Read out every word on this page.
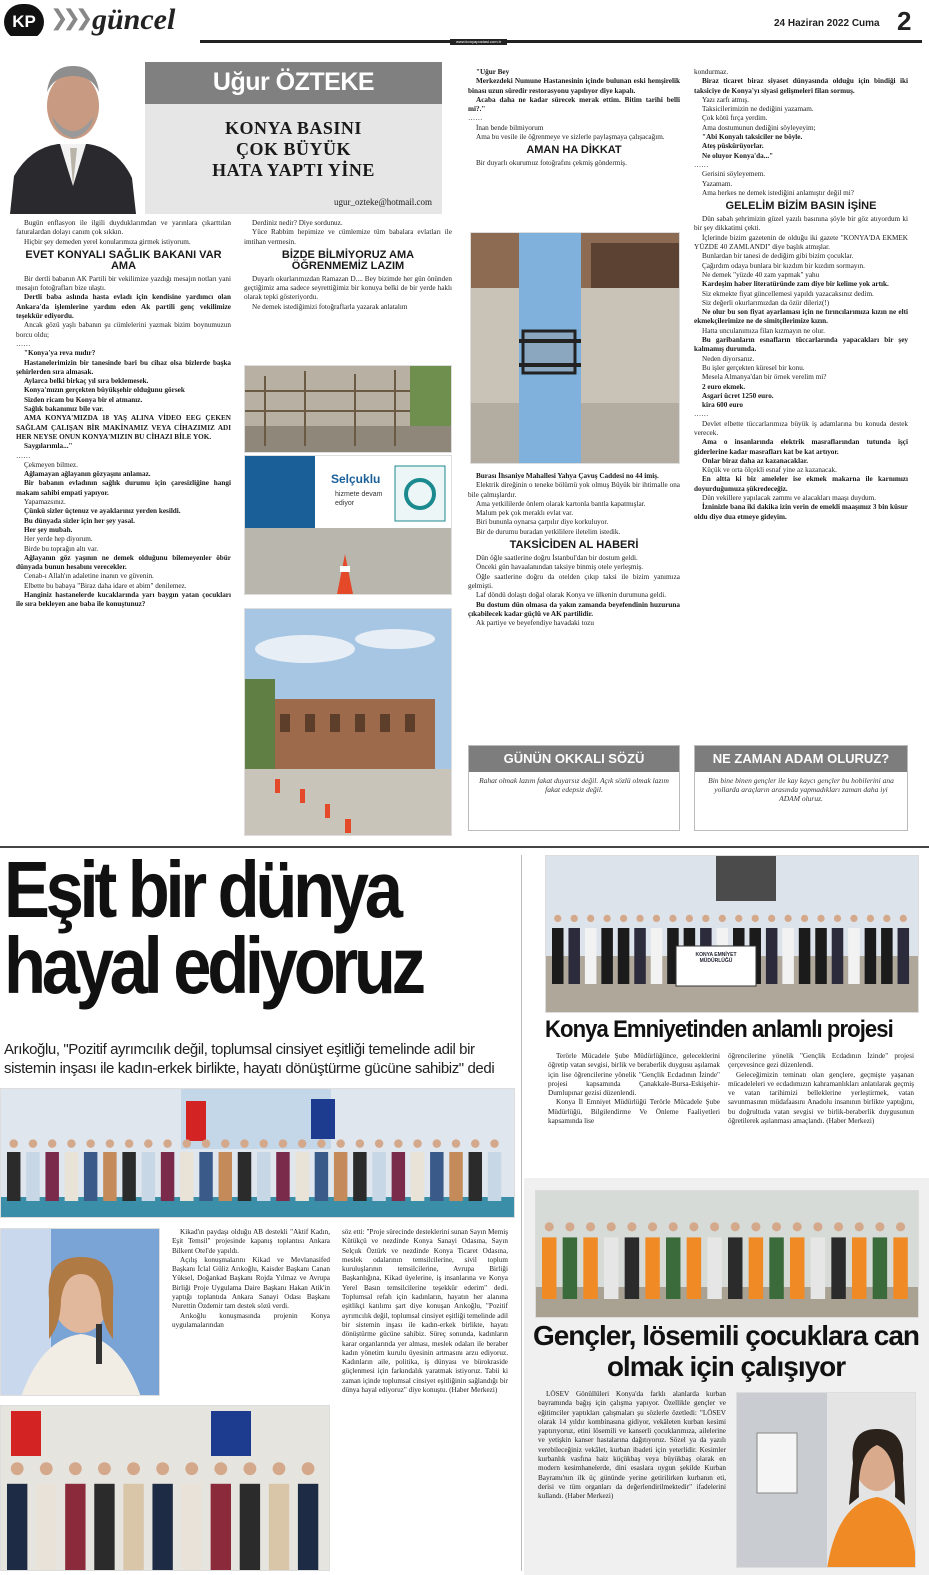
KP ❯❯❯ güncel	24 Haziran 2022 Cuma 2
www.konyapostasi.com.tr
Uğur ÖZTEKE
KONYA BASINI
ÇOK BÜYÜK
HATA YAPTI YİNE
ugur_ozteke@hotmail.com

Bugün enflasyon ile ilgili duyduklarımdan ve yarınlara çıkarttılan faturalardan dolayı canım çok sıkkın.

Hiçbir şey demeden yerel konularımıza girmek istiyorum.

EVET KONYALI SAĞLIK BAKANI VAR AMA

Bir dertli babanın AK Partili bir vekilimize yazdığı mesajın notları yani mesajın fotoğrafları bize ulaştı.

Dertli baba aslında hasta evladı için kendisine yardımcı olan Ankara'da işlemlerine yardım eden Ak partili genç vekilimize teşekkür ediyordu.

Ancak gözü yaşlı babanın şu cümlelerini yazmak bizim boynumuzun borcu oldu;

……

"Konya'ya reva mıdır?

Hastanelerimizin bir tanesinde bari bu cihaz olsa bizlerde başka şehirlerden sıra almasak.

Aylarca belki birkaç yıl sıra beklemesek.

Konya'mızın gerçekten büyükşehir olduğunu görsek

Sizden ricam bu Konya bir el atmanız.

Sağlık bakanımız bile var.

AMA KONYA'MIZDA 18 YAŞ ALINA VİDEO EEG ÇEKEN SAĞLAM ÇALIŞAN BİR MAKİNAMIZ VEYA CİHAZIMIZ ADI HER NEYSE ONUN KONYA'MIZIN BU CİHAZI BİLE YOK.

Saygılarımla..."

……

Çekmeyen bilmez.

Ağlamayan ağlayanın gözyaşını anlamaz.

Bir babanın evladının sağlık durumu için çaresizliğine hangi makam sahibi empati yapıyor.

Yapamazsınız.

Çünkü sizler üçtenuz ve ayaklarınız yerden kesildi.

Bu dünyada sizler için her şey yasal.

Her şey mubah.

Her yerde hep diyorum.

Birde bu toprağın altı var.

Ağlayanın göz yaşının ne demek olduğunu bilemeyenler öbür dünyada bunun hesabını verecekler.

Cenab-ı Allah'ın adaletine inanın ve güvenin.

Elbette bu babaya "Biraz daha idare et abim" denilemez.

Hanginiz hastanelerde kucaklarında yarı baygın yatan çocukları ile sıra bekleyen ane baba ile konuştunuz?

Derdiniz nedir? Diye sordunuz.

Yüce Rabbim hepimize ve cümlemize tüm babalara evlatları ile imtihan vermesin.

BİZDE BİLMİYORUZ AMA ÖĞRENMEMİZ LAZIM

Duyarlı okurlarımızdan Ramazan D.... Bey bizimde her gün önünden geçtiğimiz ama sadece seyrettiğimiz bir konuya belki de bir yerde haklı olarak tepki gösteriyordu.

Ne demek istediğimizi fotoğraflarla yazarak anlatalım

Selçuklu
hizmete devam ediyor

"Uğur Bey

Merkezdeki Numune Hastanesinin içinde bulunan eski hemşirelik binası uzun süredir restorasyonu yapılıyor diye kapalı.

Acaba daha ne kadar sürecek merak ettim. Bitim tarihi belli mi?."

……

İnan bende bilmiyorum

Ama bu vesile ile öğrenmeye ve sizlerle paylaşmaya çalışacağım.

AMAN HA DİKKAT

Bir duyarlı okurumuz fotoğrafını çekmiş göndermiş.

Burası İhsaniye Mahallesi Yahya Çavuş Caddesi no 44 imiş.

Elektrik direğinin o teneke bölümü yok olmuş Büyük bir ihtimalle ona bile çalmışlardır.

Ama yetkililerde önlem olarak kartonla bantla kapatmışlar.

Malum pek çok meraklı evlat var.

Biri bununla oynarsa çarpılır diye korkuluyor.

Bir de durumu buradan yetkililere iletelim istedik.

TAKSİCİDEN AL HABERİ

Dün öğle saatlerine doğru İstanbul'dan bir dostum geldi.

Önceki gün havaalanından taksiye binmiş otele yerleşmiş.

Öğle saatlerine doğru da otelden çıkıp taksi ile bizim yanımıza gelmişti.

Laf döndü dolaştı doğal olarak Konya ve ülkenin durumuna geldi.

Bu dostum dün olmasa da yakın zamanda beyefendinin huzuruna çıkabilecek kadar güçlü ve AK partilidir.

Ak partiye ve beyefendiye havadaki tozu

kondurmaz.

Biraz ticaret biraz siyaset dünyasında olduğu için bindiği iki taksiciye de Konya'yı siyasi gelişmeleri filan sormuş.

Yazı zarfı atmış.

Taksicilerimizin ne dediğini yazamam.

Çok kötü fırça yerdim.

Ama dostumunun dediğini söyleyeyim;

"Abi Konyalı taksiciler ne böyle.

Ateş püskürüyorlar.

Ne oluyor Konya'da..."

……

Gerisini söyleyemem.

Yazamam.

Ama herkes ne demek istediğini anlamıştır değil mi?

GELELİM BİZİM BASIN İŞİNE

Dün sabah şehrimizin güzel yazılı basınına şöyle bir göz atıyordum ki bir şey dikkatimi çekti.

İçlerinde bizim gazetenin de olduğu iki gazete "KONYA'DA EKMEK YÜZDE 40 ZAMLANDI" diye başlık atmışlar.

Bunlardan bir tanesi de dediğim gibi bizim çocuklar.

Çağırdım odaya bunlara bir kızdım bir kızdım sormayın.

Ne demek "yüzde 40 zam yapmak" yahu

Kardeşim haber literatüründe zam diye bir kelime yok artık.

Siz ekmekte fiyat güncellemesi yapıldı yazacaksınız dedim.

Siz değerli okurlarımızdan da özür dileriz(!)

Ne olur bu son fiyat ayarlaması için ne fırıncılarımıza kızın ne elti ekmekçilerimize ne de simitçilerimize kızın.

Hatta unculanımıza filan kızmayın ne olur.

Bu garibanların esnafların tüccarlarında yapacakları bir şey kalmamış durumda.

Neden diyorsanız.

Bu işler gerçekten küresel bir konu.

Mesela Almanya'dan bir örnek verelim mi?

2 euro ekmek.

Asgari ücret 1250 euro.

kira 600 euro

……

Devlet elbette tüccarlarımıza büyük iş adamlarına bu konuda destek verecek.

Ama o insanlarında elektrik masraflarından tutunda işçi giderlerine kadar masrafları kat be kat artıyor.

Onlar biraz daha az kazanacaklar.

Küçük ve orta ölçekli esnaf yine az kazanacak.

En altta ki biz ameleler ise ekmek makarna ile karnımızı doyurduğumuza şükredeceğiz.

Dün vekillere yapılacak zammı ve alacakları maaşı duydum.

İzninizle bana iki dakika izin verin de emekli maaşımız 3 bin küsur oldu diye dua etmeye gideyim.

GÜNÜN OKKALI SÖZÜ
Rahat olmak lazım fakat duyarsız değil. Açık sözlü olmak lazım fakat edepsiz değil.
NE ZAMAN ADAM OLURUZ?
Bin bine binen gençler ile kay kaycı gençler bu hobilerini ana yollarda araçların arasında yapmadıkları zaman daha iyi ADAM oluruz.
Eşit bir dünya hayal ediyoruz
Arıkoğlu, "Pozitif ayrımcılık değil, toplumsal cinsiyet eşitliği temelinde adil bir sistemin inşası ile kadın-erkek birlikte, hayatı dönüştürme gücüne sahibiz" dedi

Kikad'ın paydaşı olduğu AB destekli "Aktif Kadın, Eşit Temsil" projesinde kapanış toplantısı Ankara Bilkent Otel'de yapıldı.

Açılış konuşmalarını Kikad ve Mevlanasifed Başkanı İclal Güliz Arıkoğlu, Kaisder Başkanı Canan Yüksel, Doğankad Başkanı Rojda Yılmaz ve Avrupa Birliği Proje Uygulama Daire Başkanı Hakan Atik'in yaptığı toplantıda Ankara Sanayi Odası Başkanı Nurettin Özdemir tam destek sözü verdi.

Arıkoğlu konuşmasında projenin Konya uygulamalarından

söz etti: "Proje sürecinde desteklerini sunan Sayın Memiş Kütükçü ve nezdinde Konya Sanayi Odasına, Sayın Selçuk Öztürk ve nezdinde Konya Ticaret Odasına, meslek odalarının temsilcilerine, sivil toplum kuruluşlarının temsilcilerine, Avrupa Birliği Başkanlığına, Kikad üyelerine, iş insanlarına ve Konya Yerel Basın temsilcilerine teşekkür ederim" dedi. Toplumsal refah için kadınların, hayatın her alanına eşitlikçi katılımı şart diye konuşan Arıkoğlu, "Pozitif ayrımcılık değil, toplumsal cinsiyet eşitliği temelinde adil bir sistemin inşası ile kadın-erkek birlikte, hayatı dönüştürme gücüne sahibiz. Süreç sonunda, kadınların karar organlarında yer alması, meslek odaları ile beraber kadın yönetim kurulu üyesinin artmasını arzu ediyoruz. Kadınların aile, politika, iş dünyası ve bürokraside güçlenmesi için farkındalık yaratmak istiyoruz. Tabii ki zaman içinde toplumsal cinsiyet eşitliğinin sağlandığı bir dünya hayal ediyoruz" diye konuştu. (Haber Merkezi)

KONYA EMNİYET MÜDÜRLÜĞÜ
Konya Emniyetinden anlamlı projesi

Terörle Mücadele Şube Müdürlüğünce, geleceklerini öğretip vatan sevgisi, birlik ve beraberlik duygusu aşılamak için lise öğrencilerine yönelik "Gençlik Ecdadının İzinde" projesi kapsamında Çanakkale-Bursa-Eskişehir-Dumlupınar gezisi düzenlendi.

Konya İl Emniyet Müdürlüğü Terörle Mücadele Şube Müdürlüğü, Bilgilendirme Ve Önleme Faaliyetleri kapsamında lise

öğrencilerine yönelik "Gençlik Ecdadının İzinde" projesi çerçevesince gezi düzenlendi.

Geleceğimizin teminatı olan gençlere, geçmişte yaşanan mücadeleleri ve ecdadımızın kahramanlıkları anlatılarak geçmiş ve vatan tarihimizi belleklerine yerleştirmek, vatan savunmasının müdafaasını Anadolu insanının birlikte yaptığını, bu doğrultuda vatan sevgisi ve birlik-beraberlik duygusunun öğretilerek aşılanması amaçlandı. (Haber Merkezi)

Gençler, lösemili çocuklara can olmak için çalışıyor

LÖSEV Gönüllüleri Konya'da farklı alanlarda kurban bayramında bağış için çalışma yapıyor. Özellikle gençler ve eğitimciler yaptıkları çalışmaları şu sözlerle özetledi: "LÖSEV olarak 14 yıldır kombinasına gidiyor, vekâleten kurban kesimi yaptırıyoruz, etini lösemili ve kanserli çocuklarımıza, ailelerine ve yetişkin kanser hastalarına dağıtıyoruz. Sözel ya da yazılı verebileceğiniz vekâlet, kurban ibadeti için yeterlidir. Kesimler kurbanlık vasfına haiz küçükbaş veya büyükbaş olarak en modern kesimhanelerde, dini esaslara uygun şekilde Kurban Bayramı'nın ilk üç gününde yerine getirilirken kurbanın eti, derisi ve tüm organları da değerlendirilmektedir" ifadelerini kullandı. (Haber Merkezi)
